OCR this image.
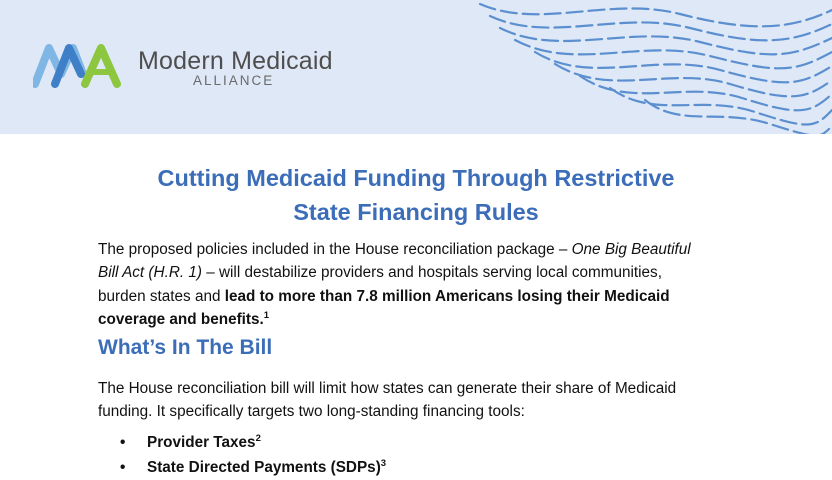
Modern Medicaid
ALLIANCE
Cutting Medicaid Funding Through Restrictive
State Financing Rules

The proposed policies included in the House reconciliation package – One Big Beautiful
Bill Act (H.R. 1) – will destabilize providers and hospitals serving local communities,
burden states and lead to more than 7.8 million Americans losing their Medicaid
coverage and benefits.$^1$

What’s In The Bill

The House reconciliation bill will limit how states can generate their share of Medicaid
funding. It specifically targets two long-standing financing tools:

• Provider Taxes$^2$
• State Directed Payments (SDPs)$^3$
